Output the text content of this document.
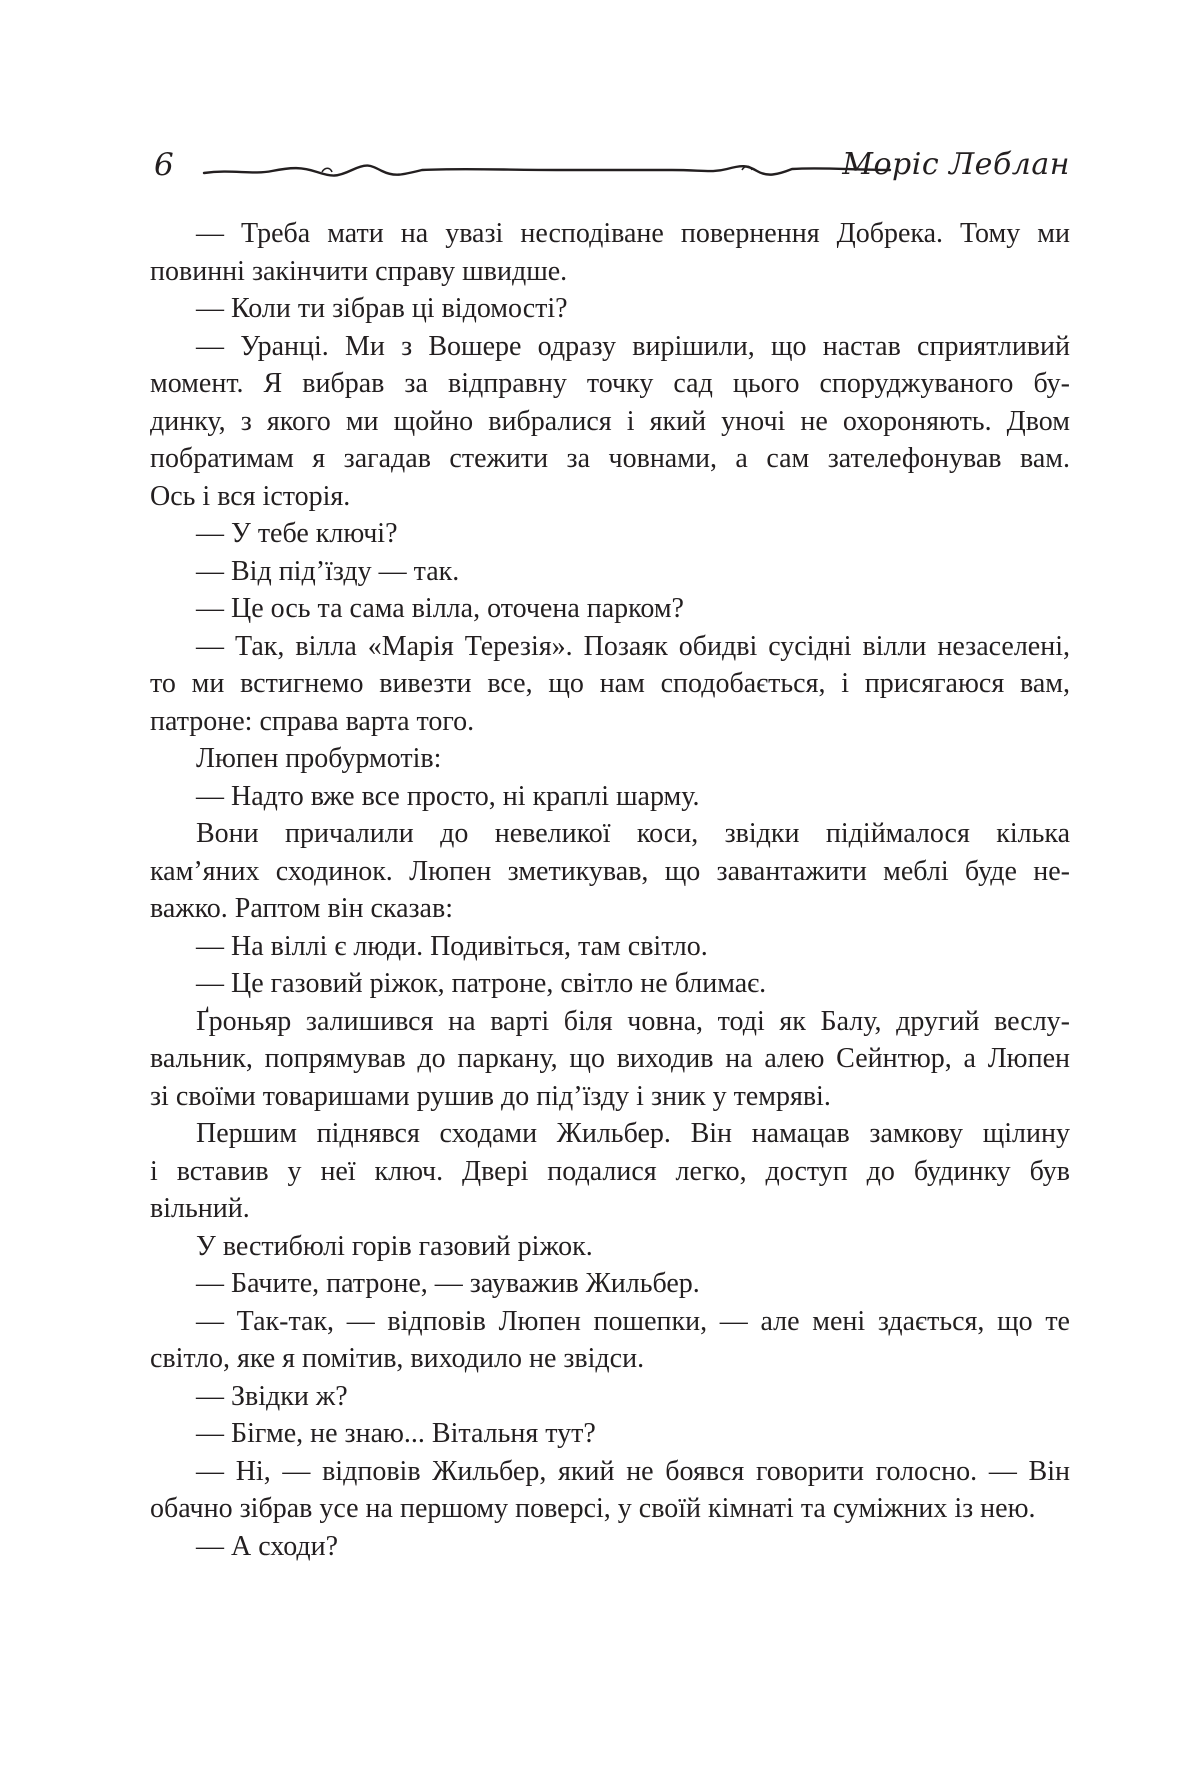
6	Моріс Леблан
— Треба мати на увазі несподіване повернення Добрека. Тому ми
повинні закінчити справу швидше.
— Коли ти зібрав ці відомості?
— Уранці. Ми з Вошере одразу вирішили, що настав сприятливий
момент. Я вибрав за відправну точку сад цього споруджуваного бу-
динку, з якого ми щойно вибралися і який уночі не охороняють. Двом
побратимам я загадав стежити за човнами, а сам зателефонував вам.
Ось і вся історія.
— У тебе ключі?
— Від під’їзду — так.
— Це ось та сама вілла, оточена парком?
— Так, вілла «Марія Терезія». Позаяк обидві сусідні вілли незаселені,
то ми встигнемо вивезти все, що нам сподобається, і присягаюся вам,
патроне: справа варта того.
Люпен пробурмотів:
— Надто вже все просто, ні краплі шарму.
Вони причалили до невеликої коси, звідки підіймалося кілька
кам’яних сходинок. Люпен зметикував, що завантажити меблі буде не-
важко. Раптом він сказав:
— На віллі є люди. Подивіться, там світло.
— Це газовий ріжок, патроне, світло не блимає.
Ґроньяр залишився на варті біля човна, тоді як Балу, другий веслу-
вальник, попрямував до паркану, що виходив на алею Сейнтюр, а Люпен
зі своїми товаришами рушив до під’їзду і зник у темряві.
Першим піднявся сходами Жильбер. Він намацав замкову щілину
і вставив у неї ключ. Двері подалися легко, доступ до будинку був
вільний.
У вестибюлі горів газовий ріжок.
— Бачите, патроне, — зауважив Жильбер.
— Так-так, — відповів Люпен пошепки, — але мені здається, що те
світло, яке я помітив, виходило не звідси.
— Звідки ж?
— Бігме, не знаю... Вітальня тут?
— Ні, — відповів Жильбер, який не боявся говорити голосно. — Він
обачно зібрав усе на першому поверсі, у своїй кімнаті та суміжних із нею.
— А сходи?
